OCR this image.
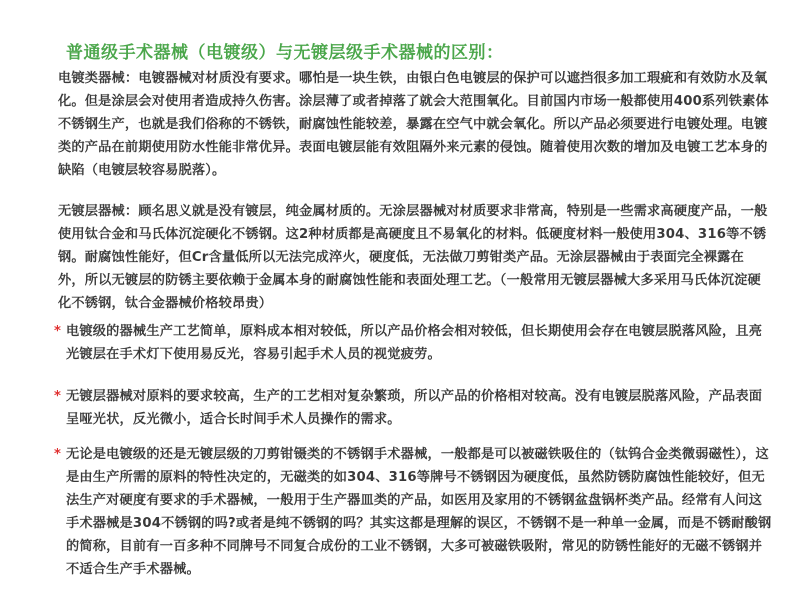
普通级手术器械（电镀级）与无镀层级手术器械的区别：

电镀类器械：电镀器械对材质没有要求。哪怕是一块生铁，由银白色电镀层的保护可以遮挡很多加工瑕疵和有效防水及氧化。但是涂层会对使用者造成持久伤害。涂层薄了或者掉落了就会大范围氧化。目前国内市场一般都使用400系列铁素体不锈钢生产，也就是我们俗称的不锈铁，耐腐蚀性能较差，暴露在空气中就会氧化。所以产品必须要进行电镀处理。电镀类的产品在前期使用防水性能非常优异。表面电镀层能有效阻隔外来元素的侵蚀。随着使用次数的增加及电镀工艺本身的缺陷（电镀层较容易脱落）。

无镀层器械：顾名思义就是没有镀层，纯金属材质的。无涂层器械对材质要求非常高，特别是一些需求高硬度产品，一般使用钛合金和马氏体沉淀硬化不锈钢。这2种材质都是高硬度且不易氧化的材料。低硬度材料一般使用304、316等不锈钢。耐腐蚀性能好，但Cr含量低所以无法完成淬火，硬度低，无法做刀剪钳类产品。无涂层器械由于表面完全裸露在外，所以无镀层的防锈主要依赖于金属本身的耐腐蚀性能和表面处理工艺。（一般常用无镀层器械大多采用马氏体沉淀硬化不锈钢，钛合金器械价格较昂贵）

* 电镀级的器械生产工艺简单，原料成本相对较低，所以产品价格会相对较低，但长期使用会存在电镀层脱落风险，且亮光镀层在手术灯下使用易反光，容易引起手术人员的视觉疲劳。
* 无镀层器械对原料的要求较高，生产的工艺相对复杂繁琐，所以产品的价格相对较高。没有电镀层脱落风险，产品表面呈哑光状，反光微小，适合长时间手术人员操作的需求。
* 无论是电镀级的还是无镀层级的刀剪钳镊类的不锈钢手术器械，一般都是可以被磁铁吸住的（钛钨合金类微弱磁性），这是由生产所需的原料的特性决定的，无磁类的如304、316等牌号不锈钢因为硬度低，虽然防锈防腐蚀性能较好，但无法生产对硬度有要求的手术器械，一般用于生产器皿类的产品，如医用及家用的不锈钢盆盘锅杯类产品。经常有人问这手术器械是304不锈钢的吗?或者是纯不锈钢的吗？其实这都是理解的误区，不锈钢不是一种单一金属，而是不锈耐酸钢的简称，目前有一百多种不同牌号不同复合成份的工业不锈钢，大多可被磁铁吸附，常见的防锈性能好的无磁不锈钢并不适合生产手术器械。
